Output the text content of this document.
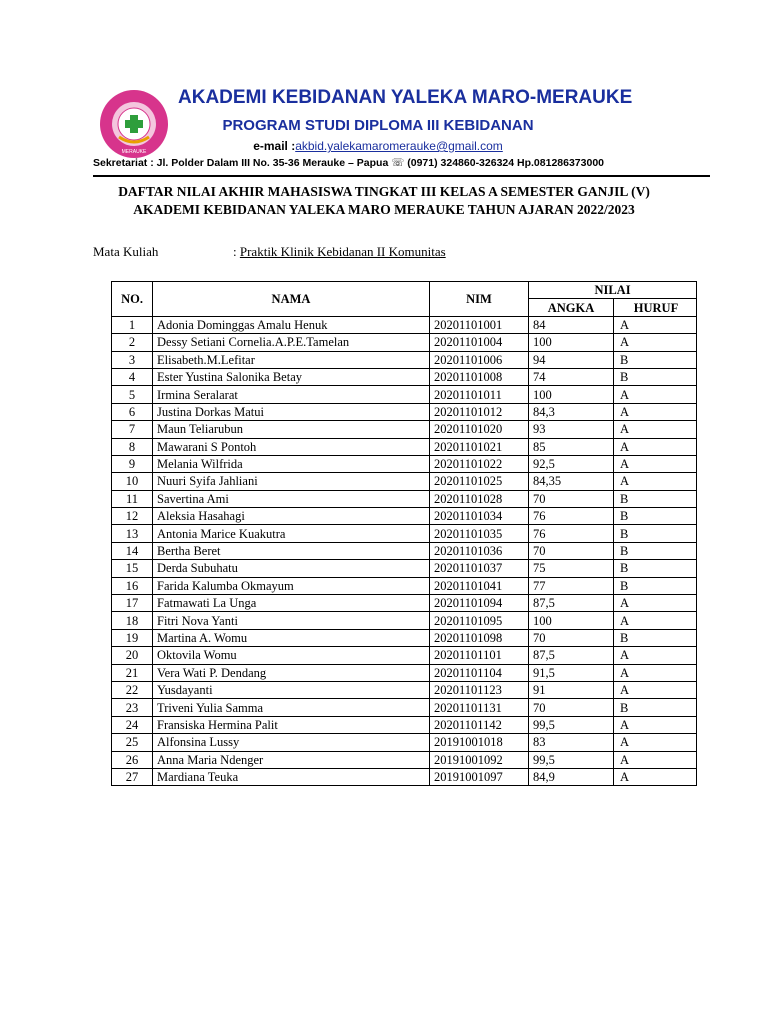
MERAUKE
AKADEMI KEBIDANAN YALEKA MARO-MERAUKE
PROGRAM STUDI DIPLOMA III KEBIDANAN
e-mail :akbid.yalekamaromerauke@gmail.com
Sekretariat : Jl. Polder Dalam III No. 35-36 Merauke – Papua ☏ (0971) 324860-326324 Hp.081286373000
DAFTAR NILAI AKHIR MAHASISWA TINGKAT III KELAS A SEMESTER GANJIL (V) AKADEMI KEBIDANAN YALEKA MARO MERAUKE TAHUN AJARAN 2022/2023
Mata Kuliah	: Praktik Klinik Kebidanan II Komunitas
NO.	NAMA	NIM	NILAI	
			ANGKA	HURUF
1	Adonia Dominggas Amalu Henuk	20201101001	84	A
2	Dessy Setiani Cornelia.A.P.E.Tamelan	20201101004	100	A
3	Elisabeth.M.Lefitar	20201101006	94	B
4	Ester Yustina Salonika Betay	20201101008	74	B
5	Irmina Seralarat	20201101011	100	A
6	Justina Dorkas Matui	20201101012	84,3	A
7	Maun Teliarubun	20201101020	93	A
8	Mawarani S Pontoh	20201101021	85	A
9	Melania Wilfrida	20201101022	92,5	A
10	Nuuri Syifa Jahliani	20201101025	84,35	A
11	Savertina Ami	20201101028	70	B
12	Aleksia Hasahagi	20201101034	76	B
13	Antonia Marice Kuakutra	20201101035	76	B
14	Bertha Beret	20201101036	70	B
15	Derda Subuhatu	20201101037	75	B
16	Farida Kalumba Okmayum	20201101041	77	B
17	Fatmawati La Unga	20201101094	87,5	A
18	Fitri Nova Yanti	20201101095	100	A
19	Martina A. Womu	20201101098	70	B
20	Oktovila Womu	20201101101	87,5	A
21	Vera Wati P. Dendang	20201101104	91,5	A
22	Yusdayanti	20201101123	91	A
23	Triveni Yulia Samma	20201101131	70	B
24	Fransiska Hermina Palit	20201101142	99,5	A
25	Alfonsina Lussy	20191001018	83	A
26	Anna Maria Ndenger	20191001092	99,5	A
27	Mardiana Teuka	20191001097	84,9	A
